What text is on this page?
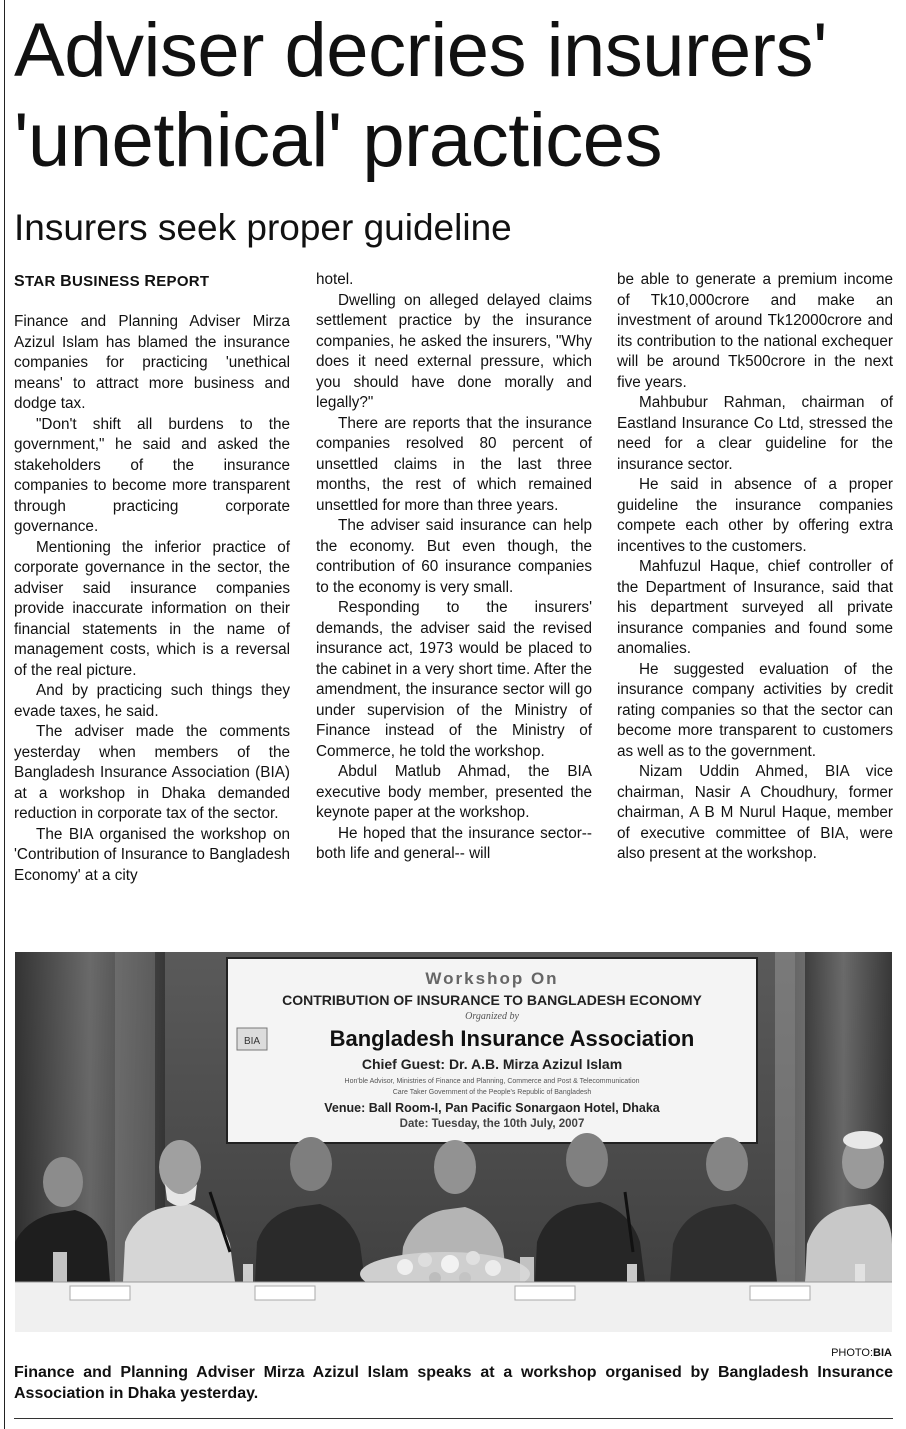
Adviser decries insurers' 'unethical' practices
Insurers seek proper guideline
STAR BUSINESS REPORT

Finance and Planning Adviser Mirza Azizul Islam has blamed the insurance companies for practicing 'unethical means' to attract more business and dodge tax.

"Don't shift all burdens to the government," he said and asked the stakeholders of the insurance companies to become more transparent through practicing corporate governance.

Mentioning the inferior practice of corporate governance in the sector, the adviser said insurance companies provide inaccurate information on their financial statements in the name of management costs, which is a reversal of the real picture.

And by practicing such things they evade taxes, he said.

The adviser made the comments yesterday when members of the Bangladesh Insurance Association (BIA) at a workshop in Dhaka demanded reduction in corporate tax of the sector.

The BIA organised the workshop on 'Contribution of Insurance to Bangladesh Economy' at a city

hotel.

Dwelling on alleged delayed claims settlement practice by the insurance companies, he asked the insurers, "Why does it need external pressure, which you should have done morally and legally?"

There are reports that the insurance companies resolved 80 percent of unsettled claims in the last three months, the rest of which remained unsettled for more than three years.

The adviser said insurance can help the economy. But even though, the contribution of 60 insurance companies to the economy is very small.

Responding to the insurers' demands, the adviser said the revised insurance act, 1973 would be placed to the cabinet in a very short time. After the amendment, the insurance sector will go under supervision of the Ministry of Finance instead of the Ministry of Commerce, he told the workshop.

Abdul Matlub Ahmad, the BIA executive body member, presented the keynote paper at the workshop.

He hoped that the insurance sector-- both life and general-- will

be able to generate a premium income of Tk10,000crore and make an investment of around Tk12000crore and its contribution to the national exchequer will be around Tk500crore in the next five years.

Mahbubur Rahman, chairman of Eastland Insurance Co Ltd, stressed the need for a clear guideline for the insurance sector.

He said in absence of a proper guideline the insurance companies compete each other by offering extra incentives to the customers.

Mahfuzul Haque, chief controller of the Department of Insurance, said that his department surveyed all private insurance companies and found some anomalies.

He suggested evaluation of the insurance company activities by credit rating companies so that the sector can become more transparent to customers as well as to the government.

Nizam Uddin Ahmed, BIA vice chairman, Nasir A Choudhury, former chairman, A B M Nurul Haque, member of executive committee of BIA, were also present at the workshop.

Workshop On
CONTRIBUTION OF INSURANCE TO BANGLADESH ECONOMY
Organized by
BIA	Bangladesh Insurance Association
Chief Guest: Dr. A.B. Mirza Azizul Islam
Hon'ble Advisor, Ministries of Finance and Planning, Commerce and Post & Telecommunication
Care Taker Government of the People's Republic of Bangladesh
Venue: Ball Room-I, Pan Pacific Sonargaon Hotel, Dhaka
Date: Tuesday, the 10th July, 2007
PHOTO:BIA
Finance and Planning Adviser Mirza Azizul Islam speaks at a workshop organised by Bangladesh Insurance Association in Dhaka yesterday.
